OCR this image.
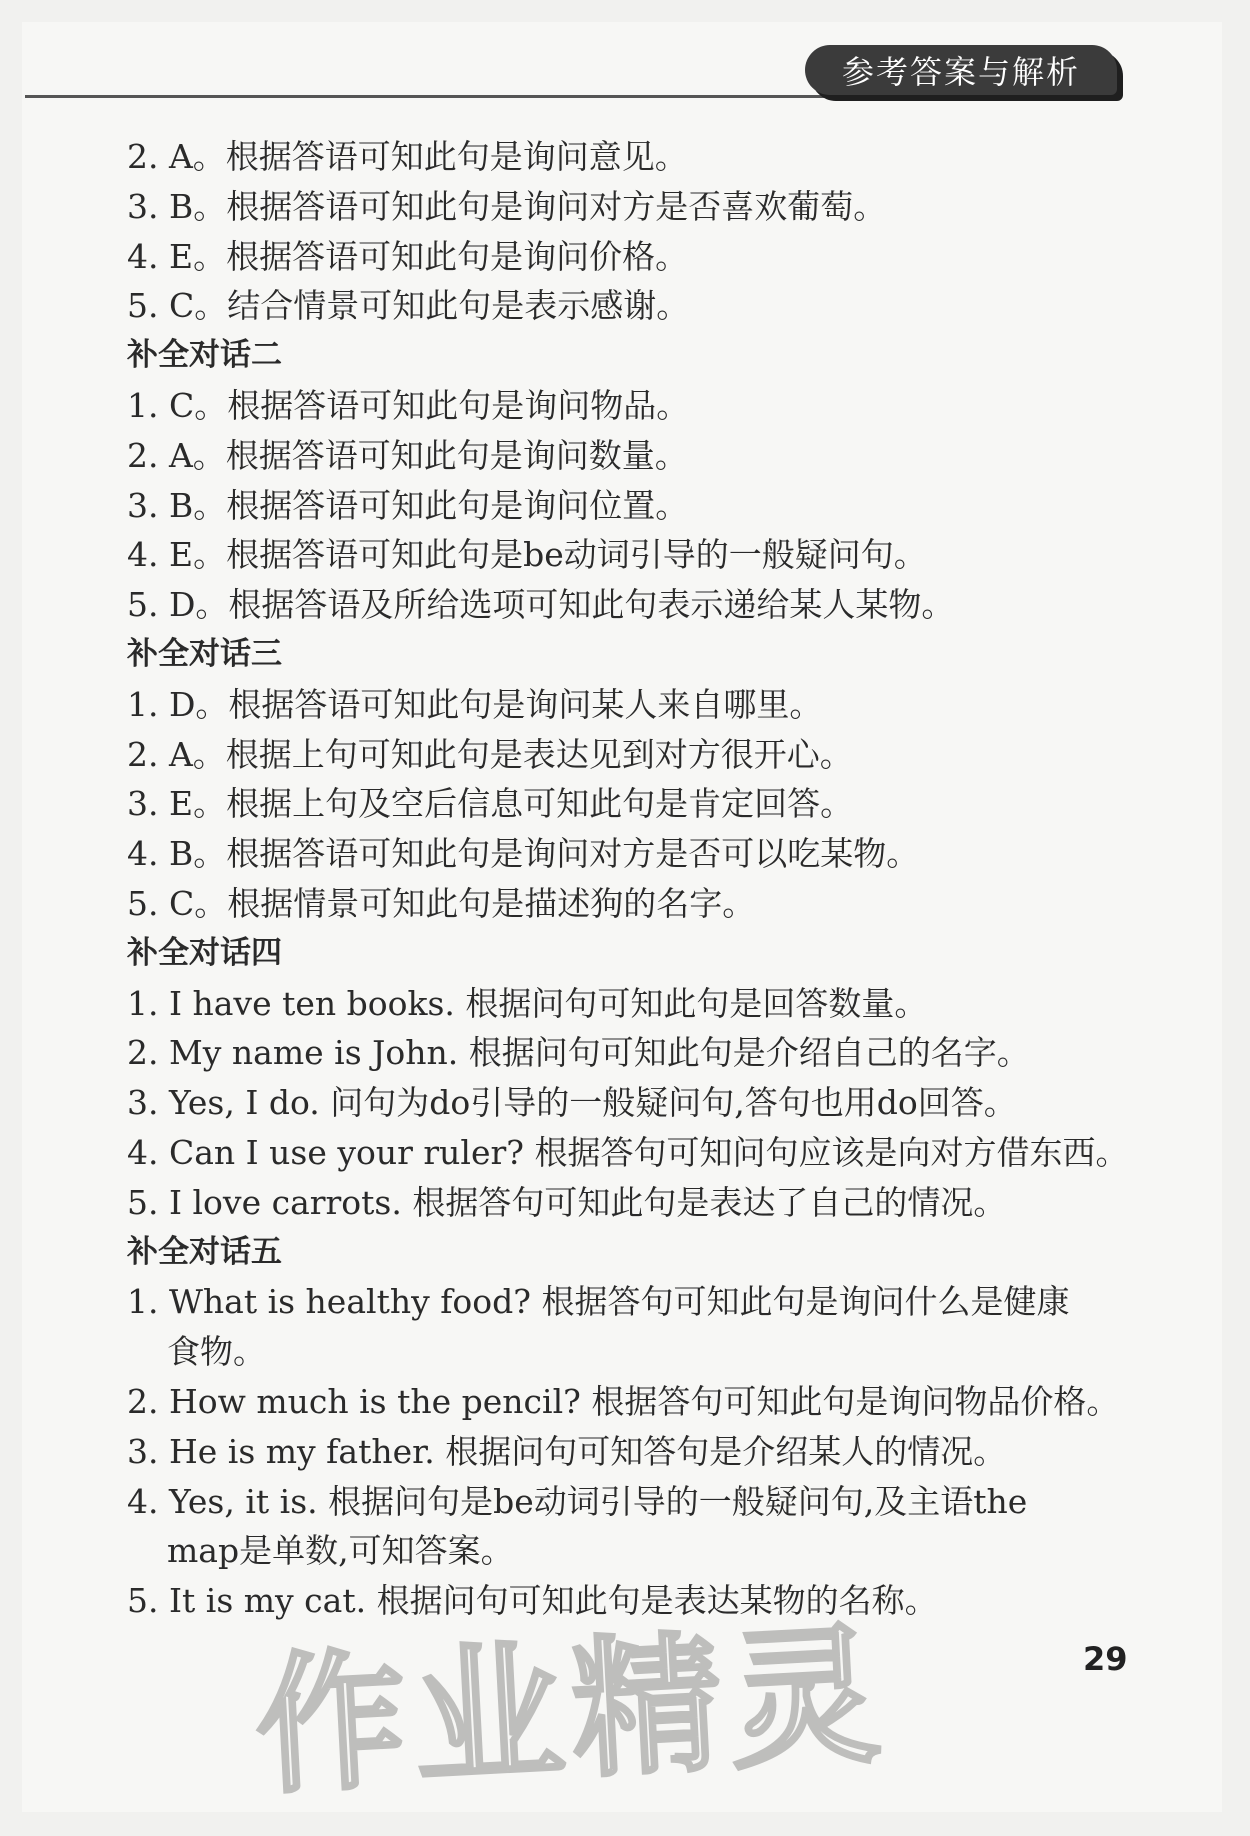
参考答案与解析
2. A。根据答语可知此句是询问意见。
3. B。根据答语可知此句是询问对方是否喜欢葡萄。
4. E。根据答语可知此句是询问价格。
5. C。结合情景可知此句是表示感谢。
补全对话二
1. C。根据答语可知此句是询问物品。
2. A。根据答语可知此句是询问数量。
3. B。根据答语可知此句是询问位置。
4. E。根据答语可知此句是be动词引导的一般疑问句。
5. D。根据答语及所给选项可知此句表示递给某人某物。
补全对话三
1. D。根据答语可知此句是询问某人来自哪里。
2. A。根据上句可知此句是表达见到对方很开心。
3. E。根据上句及空后信息可知此句是肯定回答。
4. B。根据答语可知此句是询问对方是否可以吃某物。
5. C。根据情景可知此句是描述狗的名字。
补全对话四
1. I have ten books. 根据问句可知此句是回答数量。
2. My name is John. 根据问句可知此句是介绍自己的名字。
3. Yes, I do. 问句为do引导的一般疑问句,答句也用do回答。
4. Can I use your ruler? 根据答句可知问句应该是向对方借东西。
5. I love carrots. 根据答句可知此句是表达了自己的情况。
补全对话五
1. What is healthy food? 根据答句可知此句是询问什么是健康
食物。
2. How much is the pencil? 根据答句可知此句是询问物品价格。
3. He is my father. 根据问句可知答句是介绍某人的情况。
4. Yes, it is. 根据问句是be动词引导的一般疑问句,及主语the
map是单数,可知答案。
5. It is my cat. 根据问句可知此句是表达某物的名称。
作业精灵	29
